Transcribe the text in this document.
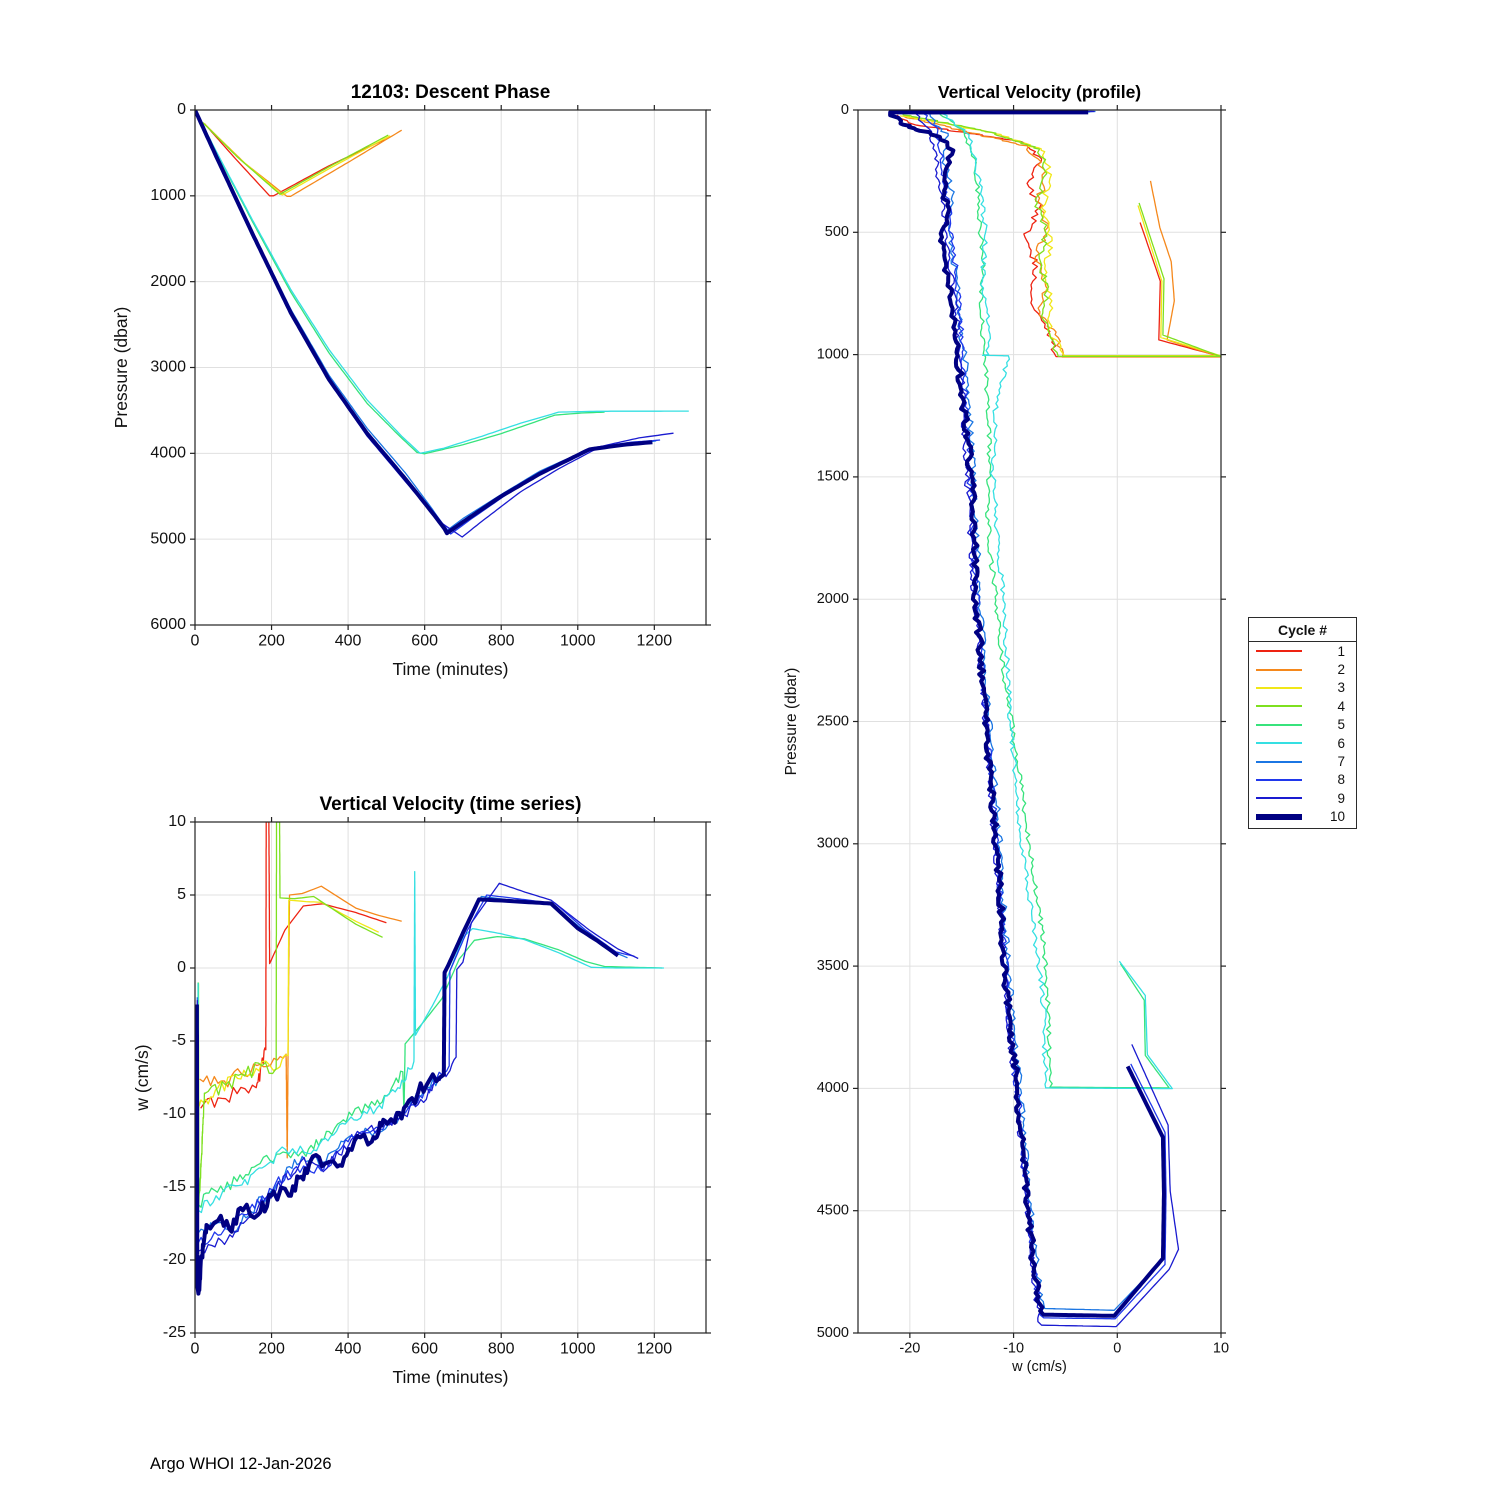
0	200	400	600	800	1000	1200
0
1000
2000
3000
4000
5000
6000
12103: Descent Phase
Time (minutes)
Pressure (dbar)
0	200	400	600	800	1000	1200
-25
-20
-15
-10
-5
0
5
10
Vertical Velocity (time series)
Time (minutes)
w (cm/s)
-20	-10	0	10
0
500
1000
1500
2000
2500
3000
3500
4000
4500
5000
Vertical Velocity (profile)
w (cm/s)
Pressure (dbar)
Cycle #
1
2
3
4
5
6
7
8
9
10
Argo WHOI 12-Jan-2026
